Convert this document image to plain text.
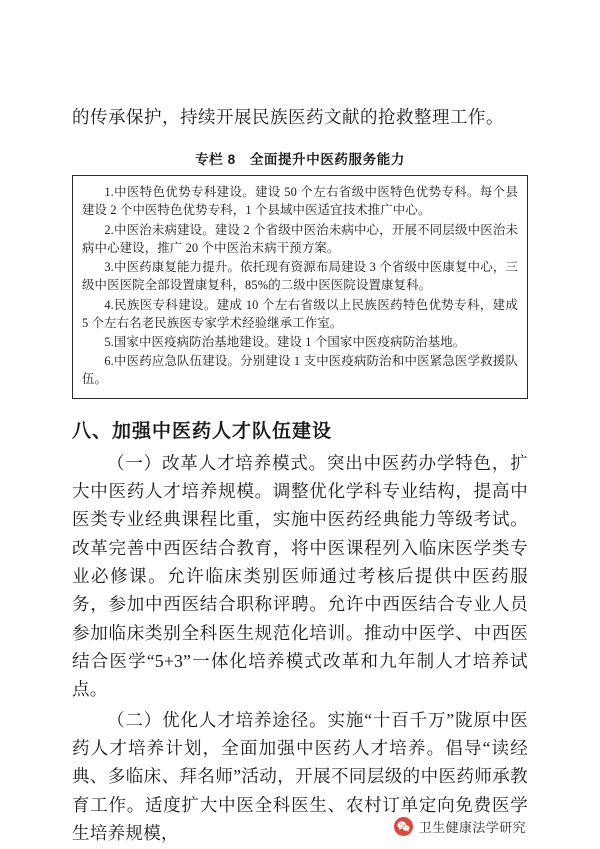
的传承保护，持续开展民族医药文献的抢救整理工作。
专栏 8　全面提升中医药服务能力

1.中医特色优势专科建设。建设 50 个左右省级中医特色优势专科。每个县建设 2 个中医特色优势专科，1 个县域中医适宜技术推广中心。

2.中医治未病建设。建设 2 个省级中医治未病中心，开展不同层级中医治未病中心建设，推广 20 个中医治未病干预方案。

3.中医药康复能力提升。依托现有资源布局建设 3 个省级中医康复中心，三级中医医院全部设置康复科，85%的二级中医医院设置康复科。

4.民族医专科建设。建成 10 个左右省级以上民族医药特色优势专科，建成 5 个左右名老民族医专家学术经验继承工作室。

5.国家中医疫病防治基地建设。建设 1 个国家中医疫病防治基地。

6.中医药应急队伍建设。分别建设 1 支中医疫病防治和中医紧急医学救援队伍。

八、加强中医药人才队伍建设

（一）改革人才培养模式。突出中医药办学特色，扩大中医药人才培养规模。调整优化学科专业结构，提高中医类专业经典课程比重，实施中医药经典能力等级考试。改革完善中西医结合教育，将中医课程列入临床医学类专业必修课。允许临床类别医师通过考核后提供中医药服务，参加中西医结合职称评聘。允许中西医结合专业人员参加临床类别全科医生规范化培训。推动中医学、中西医结合医学“5+3”一体化培养模式改革和九年制人才培养试点。

（二）优化人才培养途径。实施“十百千万”陇原中医药人才培养计划，全面加强中医药人才培养。倡导“读经典、多临床、拜名师”活动，开展不同层级的中医药师承教育工作。适度扩大中医全科医生、农村订单定向免费医学生培养规模，	卫生健康法学研究
